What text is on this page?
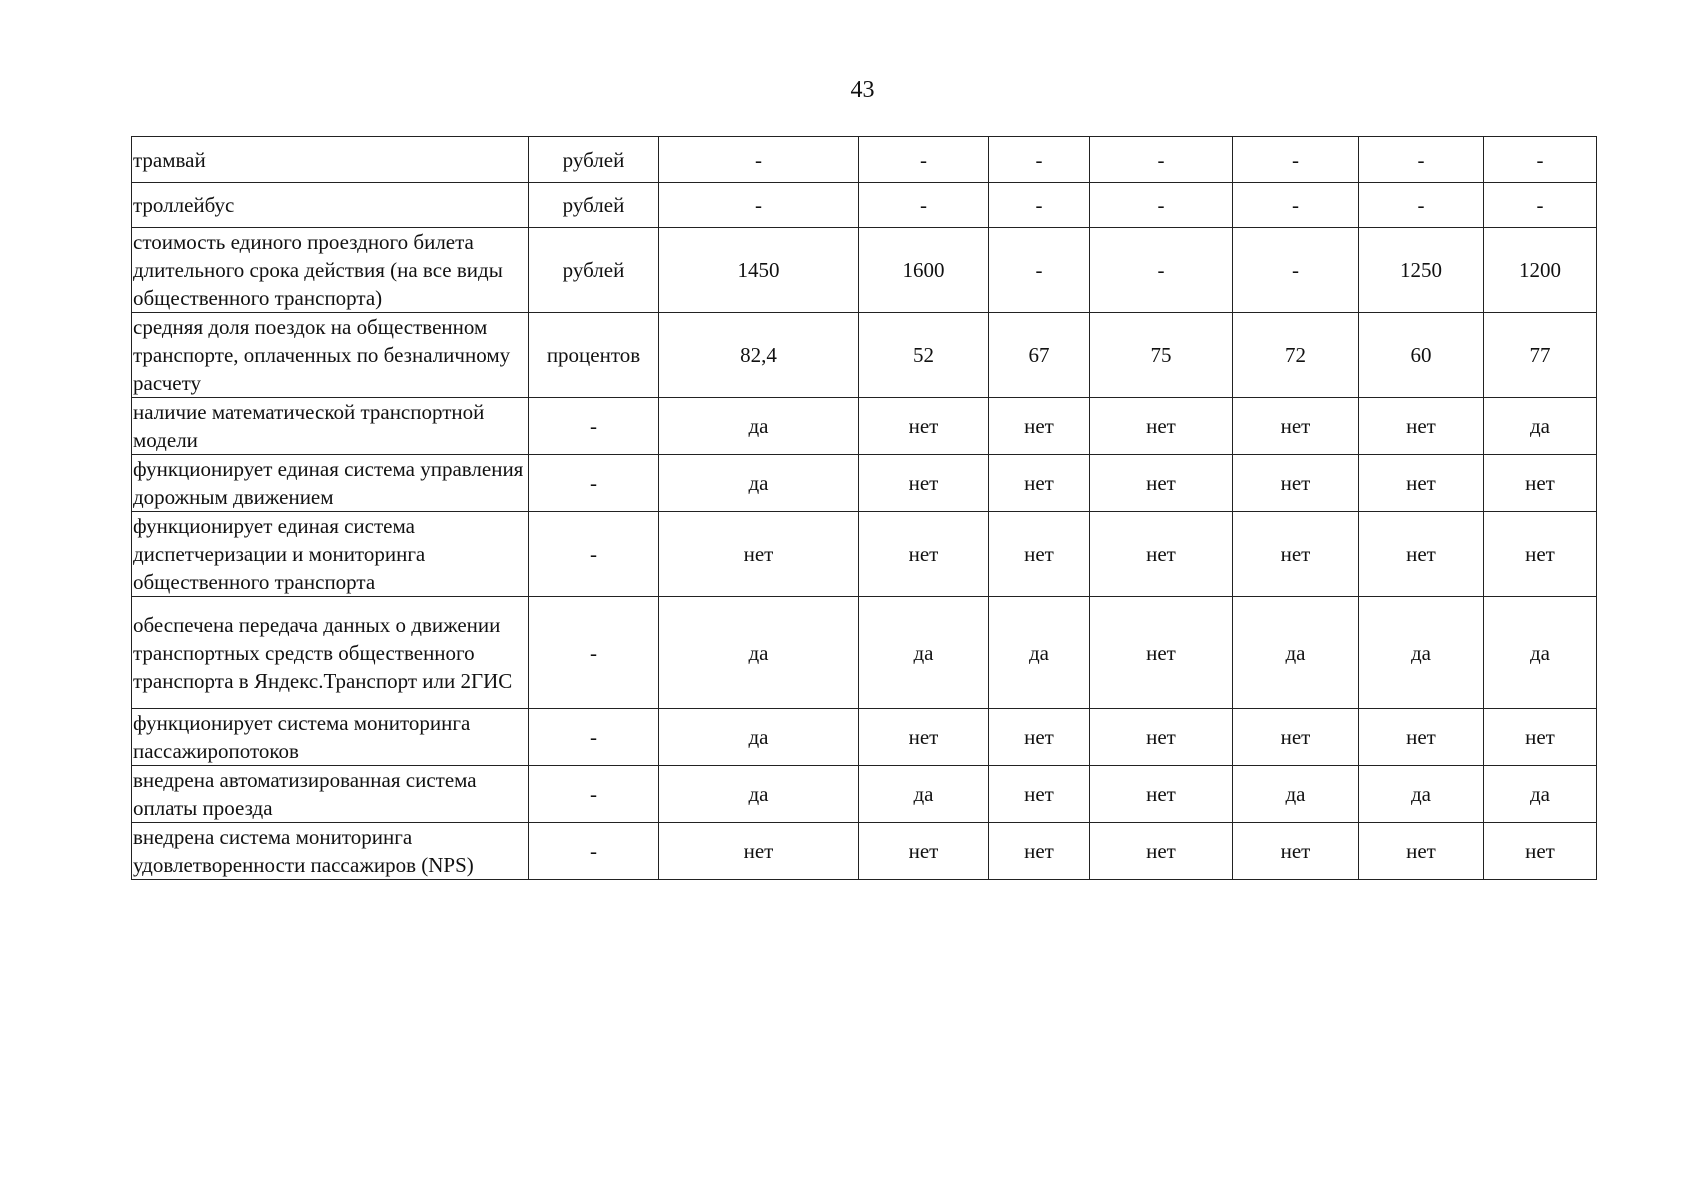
43
трамвай	рублей	-	-	-	-	-	-	-
троллейбус	рублей	-	-	-	-	-	-	-
стоимость единого проездного билета длительного срока действия (на все виды общественного транспорта)	рублей	1450	1600	-	-	-	1250	1200
средняя доля поездок на общественном транспорте, оплаченных по безналичному расчету	процентов	82,4	52	67	75	72	60	77
наличие математической транспортной модели	-	да	нет	нет	нет	нет	нет	да
функционирует единая система управления дорожным движением	-	да	нет	нет	нет	нет	нет	нет
функционирует единая система диспетчеризации и мониторинга общественного транспорта	-	нет	нет	нет	нет	нет	нет	нет
обеспечена передача данных о движении транспортных средств общественного транспорта в Яндекс.Транспорт или 2ГИС	-	да	да	да	нет	да	да	да
функционирует система мониторинга пассажиропотоков	-	да	нет	нет	нет	нет	нет	нет
внедрена автоматизированная система оплаты проезда	-	да	да	нет	нет	да	да	да
внедрена система мониторинга удовлетворенности пассажиров (NPS)	-	нет	нет	нет	нет	нет	нет	нет
